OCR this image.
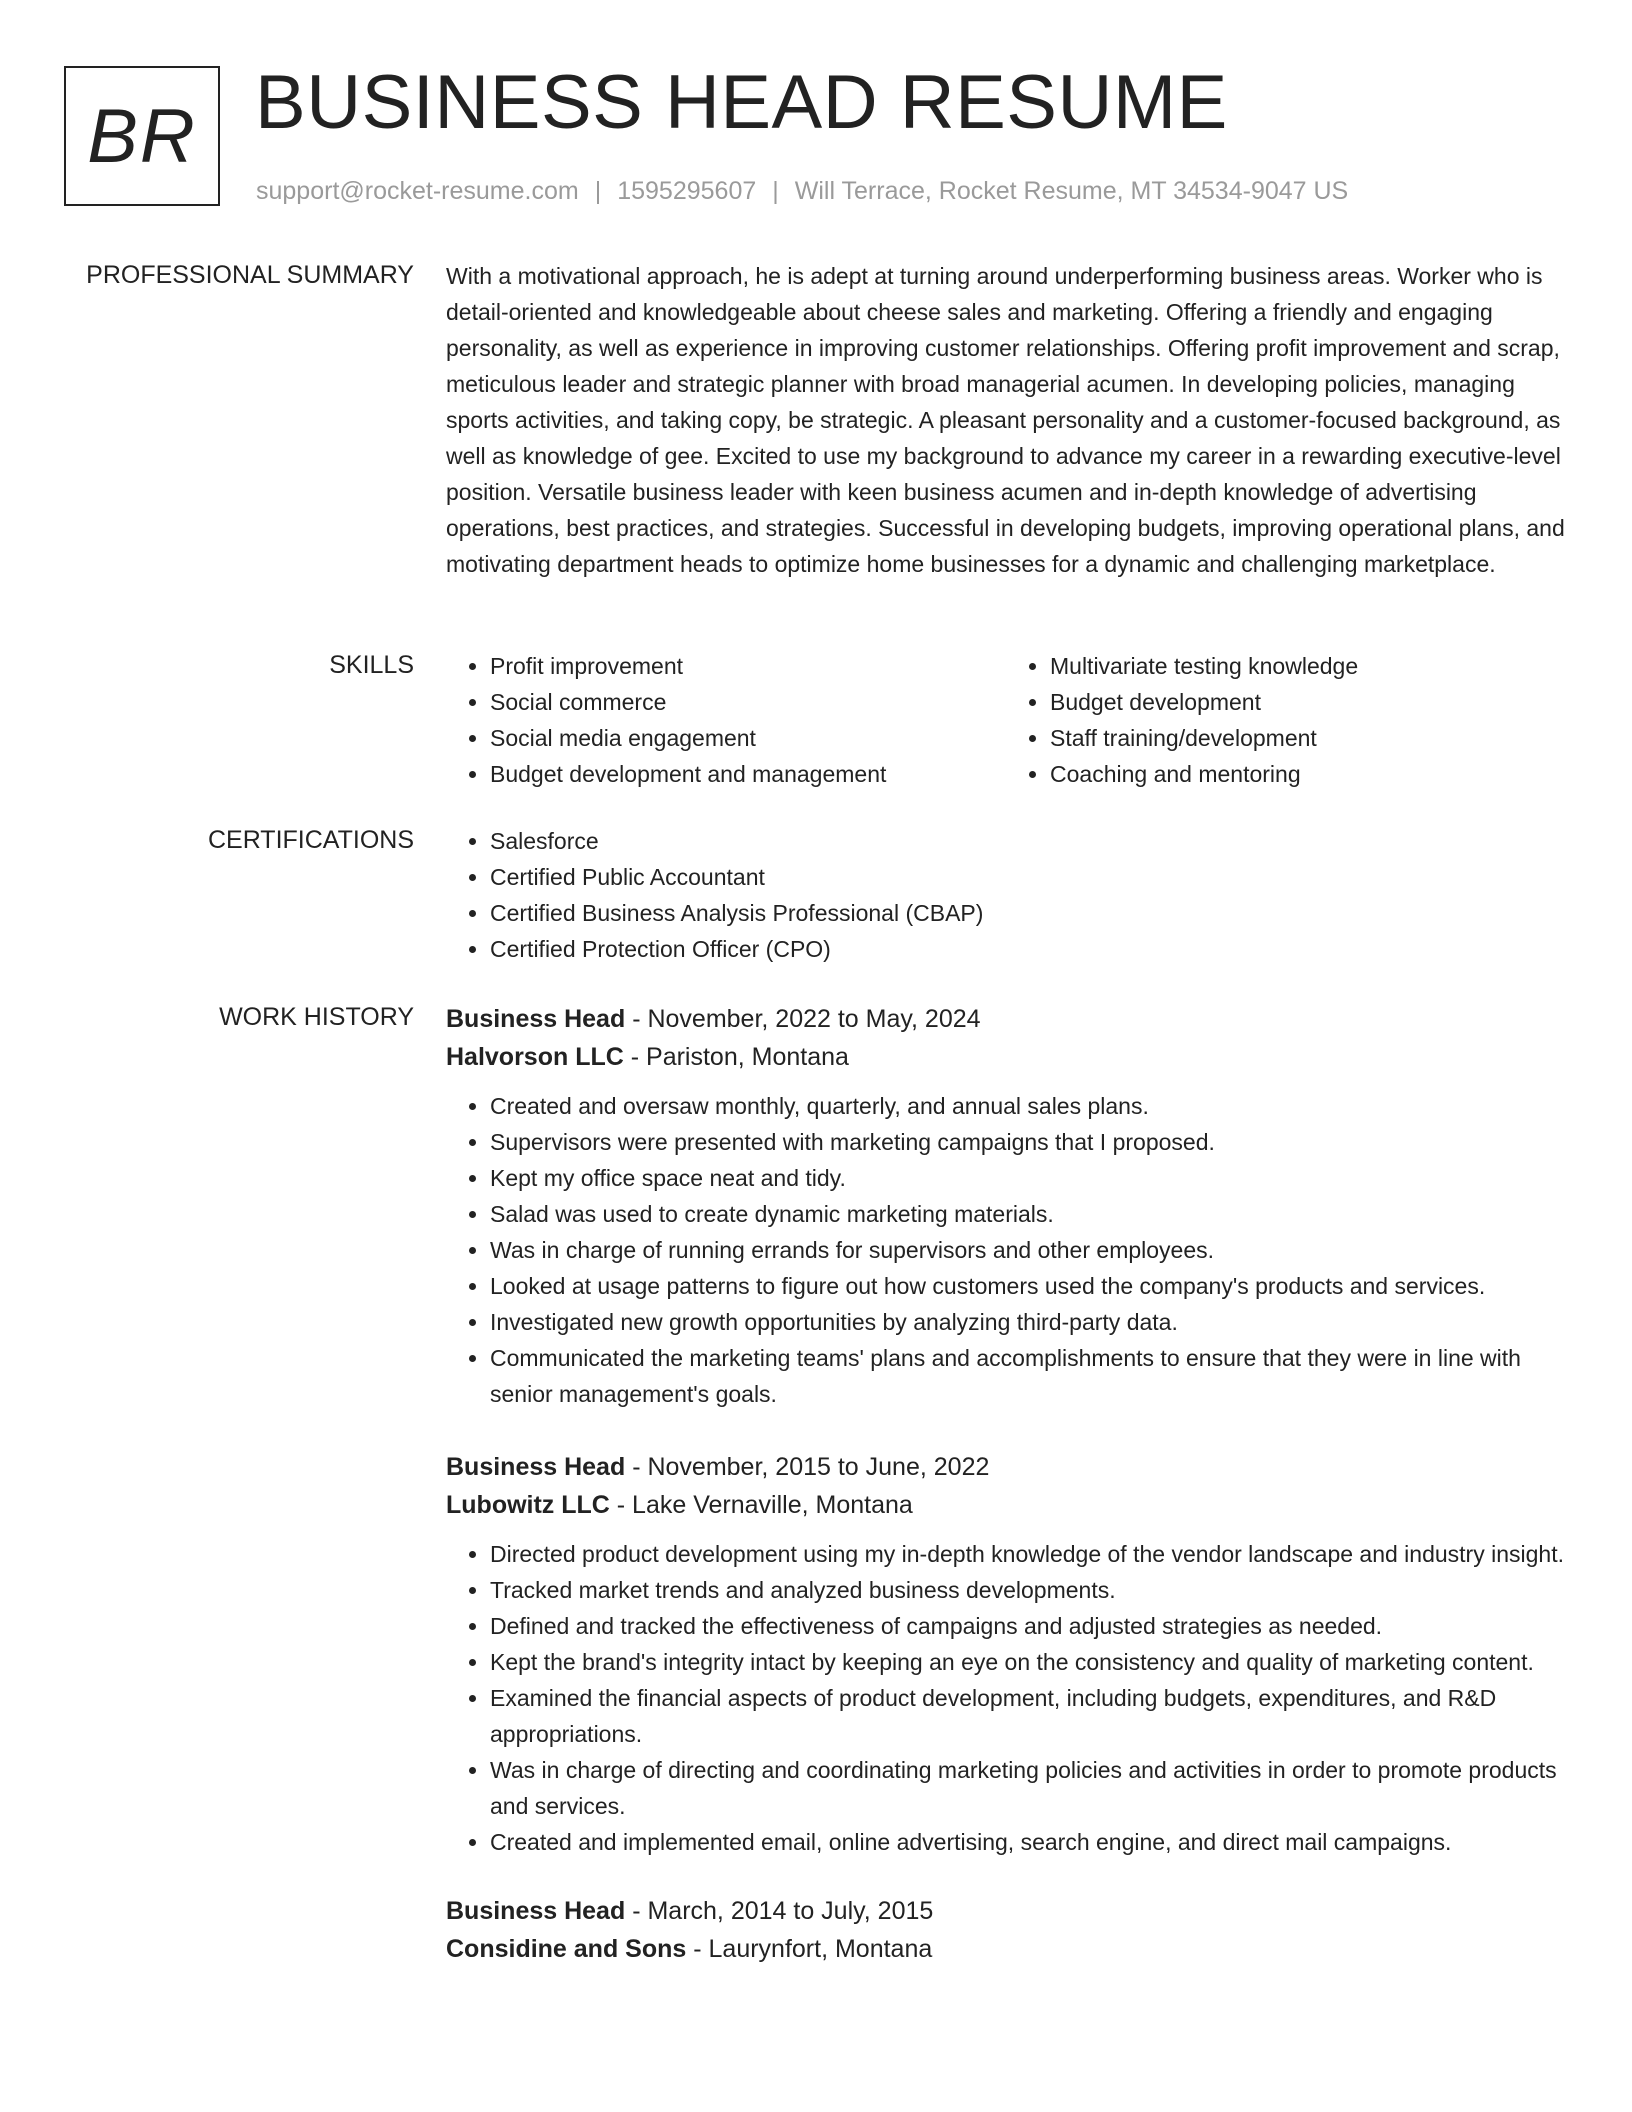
BR BUSINESS HEAD RESUME
support@rocket-resume.com | 1595295607 | Will Terrace, Rocket Resume, MT 34534-9047 US
PROFESSIONAL SUMMARY With a motivational approach, he is adept at turning around underperforming business areas. Worker who is detail-oriented and knowledgeable about cheese sales and marketing. Offering a friendly and engaging personality, as well as experience in improving customer relationships. Offering profit improvement and scrap, meticulous leader and strategic planner with broad managerial acumen. In developing policies, managing sports activities, and taking copy, be strategic. A pleasant personality and a customer-focused background, as well as knowledge of gee. Excited to use my background to advance my career in a rewarding executive-level position. Versatile business leader with keen business acumen and in-depth knowledge of advertising operations, best practices, and strategies. Successful in developing budgets, improving operational plans, and motivating department heads to optimize home businesses for a dynamic and challenging marketplace.

SKILLS	• Profit improvement
• Social commerce
• Social media engagement
• Budget development and management
• Multivariate testing knowledge
• Budget development
• Staff training/development
• Coaching and mentoring
CERTIFICATIONS	• Salesforce
• Certified Public Accountant
• Certified Business Analysis Professional (CBAP)
• Certified Protection Officer (CPO)
WORK HISTORY Business Head - November, 2022 to May, 2024
Halvorson LLC - Pariston, Montana
• Created and oversaw monthly, quarterly, and annual sales plans.
• Supervisors were presented with marketing campaigns that I proposed.
• Kept my office space neat and tidy.
• Salad was used to create dynamic marketing materials.
• Was in charge of running errands for supervisors and other employees.
• Looked at usage patterns to figure out how customers used the company's products and services.
• Investigated new growth opportunities by analyzing third-party data.
• Communicated the marketing teams' plans and accomplishments to ensure that they were in line with senior management's goals.
Business Head - November, 2015 to June, 2022
Lubowitz LLC - Lake Vernaville, Montana
• Directed product development using my in-depth knowledge of the vendor landscape and industry insight.
• Tracked market trends and analyzed business developments.
• Defined and tracked the effectiveness of campaigns and adjusted strategies as needed.
• Kept the brand's integrity intact by keeping an eye on the consistency and quality of marketing content.
• Examined the financial aspects of product development, including budgets, expenditures, and R&D appropriations.
• Was in charge of directing and coordinating marketing policies and activities in order to promote products and services.
• Created and implemented email, online advertising, search engine, and direct mail campaigns.
Business Head - March, 2014 to July, 2015
Considine and Sons - Laurynfort, Montana
